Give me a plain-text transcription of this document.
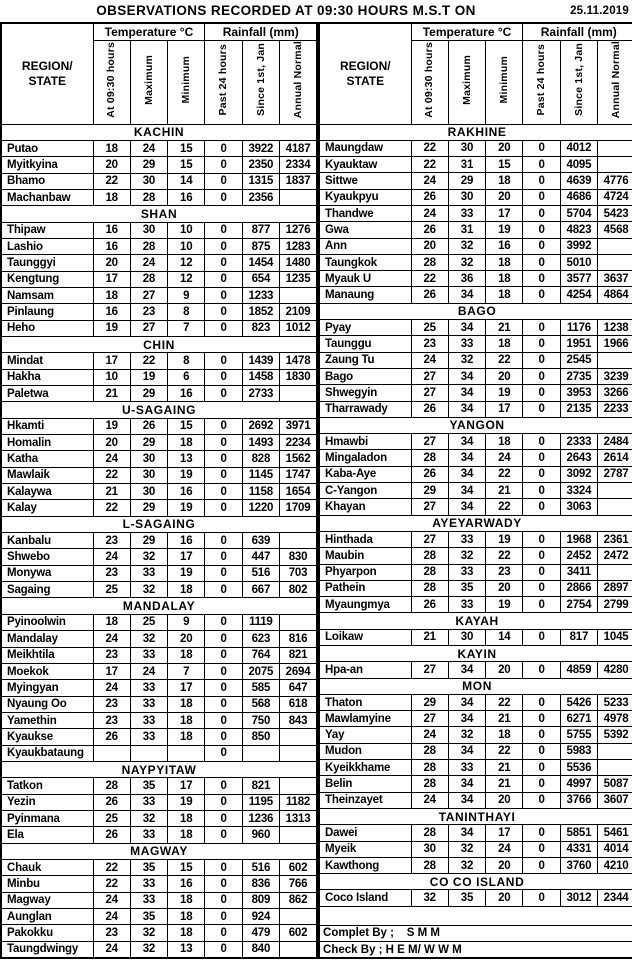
OBSERVATIONS RECORDED AT 09:30 HOURS M.S.T ON	25.11.2019
REGION/
STATE	Temperature °C			Rainfall (mm)		
	At 09:30 hours	Maximum	Minimum	Past 24 hours	Since 1st, Jan	Annual Normal
KACHIN						
Putao	18	24	15	0	3922	4187
Myitkyina	20	29	15	0	2350	2334
Bhamo	22	30	14	0	1315	1837
Machanbaw	18	28	16	0	2356	
SHAN						
Thipaw	16	30	10	0	877	1276
Lashio	16	28	10	0	875	1283
Taunggyi	20	24	12	0	1454	1480
Kengtung	17	28	12	0	654	1235
Namsam	18	27	9	0	1233	
Pinlaung	16	23	8	0	1852	2109
Heho	19	27	7	0	823	1012
CHIN						
Mindat	17	22	8	0	1439	1478
Hakha	10	19	6	0	1458	1830
Paletwa	21	29	16	0	2733	
U-SAGAING						
Hkamti	19	26	15	0	2692	3971
Homalin	20	29	18	0	1493	2234
Katha	24	30	13	0	828	1562
Mawlaik	22	30	19	0	1145	1747
Kalaywa	21	30	16	0	1158	1654
Kalay	22	29	19	0	1220	1709
L-SAGAING						
Kanbalu	23	29	16	0	639	
Shwebo	24	32	17	0	447	830
Monywa	23	33	19	0	516	703
Sagaing	25	32	18	0	667	802
MANDALAY						
Pyinoolwin	18	25	9	0	1119	
Mandalay	24	32	20	0	623	816
Meikhtila	23	33	18	0	764	821
Moekok	17	24	7	0	2075	2694
Myingyan	24	33	17	0	585	647
Nyaung Oo	23	33	18	0	568	618
Yamethin	23	33	18	0	750	843
Kyaukse	26	33	18	0	850	
Kyaukbataung				0		
NAYPYITAW						
Tatkon	28	35	17	0	821	
Yezin	26	33	19	0	1195	1182
Pyinmana	25	32	18	0	1236	1313
Ela	26	33	18	0	960	
MAGWAY						
Chauk	22	35	15	0	516	602
Minbu	22	33	16	0	836	766
Magway	24	33	18	0	809	862
Aunglan	24	35	18	0	924	
Pakokku	23	32	18	0	479	602
Taungdwingy	24	32	13	0	840	
REGION/
STATE	Temperature °C			Rainfall (mm)		
	At 09:30 hours	Maximum	Minimum	Past 24 hours	Since 1st, Jan	Annual Normal
RAKHINE						
Maungdaw	22	30	20	0	4012	
Kyauktaw	22	31	15	0	4095	
Sittwe	24	29	18	0	4639	4776
Kyaukpyu	26	30	20	0	4686	4724
Thandwe	24	33	17	0	5704	5423
Gwa	26	31	19	0	4823	4568
Ann	20	32	16	0	3992	
Taungkok	28	32	18	0	5010	
Myauk U	22	36	18	0	3577	3637
Manaung	26	34	18	0	4254	4864
BAGO						
Pyay	25	34	21	0	1176	1238
Taunggu	23	33	18	0	1951	1966
Zaung Tu	24	32	22	0	2545	
Bago	27	34	20	0	2735	3239
Shwegyin	27	34	19	0	3953	3266
Tharrawady	26	34	17	0	2135	2233
YANGON						
Hmawbi	27	34	18	0	2333	2484
Mingaladon	28	34	24	0	2643	2614
Kaba-Aye	26	34	22	0	3092	2787
C-Yangon	29	34	21	0	3324	
Khayan	27	34	22	0	3063	
AYEYARWADY						
Hinthada	27	33	19	0	1968	2361
Maubin	28	32	22	0	2452	2472
Phyarpon	28	33	23	0	3411	
Pathein	28	35	20	0	2866	2897
Myaungmya	26	33	19	0	2754	2799
KAYAH						
Loikaw	21	30	14	0	817	1045
KAYIN						
Hpa-an	27	34	20	0	4859	4280
MON						
Thaton	29	34	22	0	5426	5233
Mawlamyine	27	34	21	0	6271	4978
Yay	24	32	18	0	5755	5392
Mudon	28	34	22	0	5983	
Kyeikkhame	28	33	21	0	5536	
Belin	28	34	21	0	4997	5087
Theinzayet	24	34	20	0	3766	3607
TANINTHAYI						
Dawei	28	34	17	0	5851	5461
Myeik	30	32	24	0	4331	4014
Kawthong	28	32	20	0	3760	4210
CO CO ISLAND						
Coco Island	32	35	20	0	3012	2344

Complet By ;    S M M						
Check By ; H E M/ W W M						
